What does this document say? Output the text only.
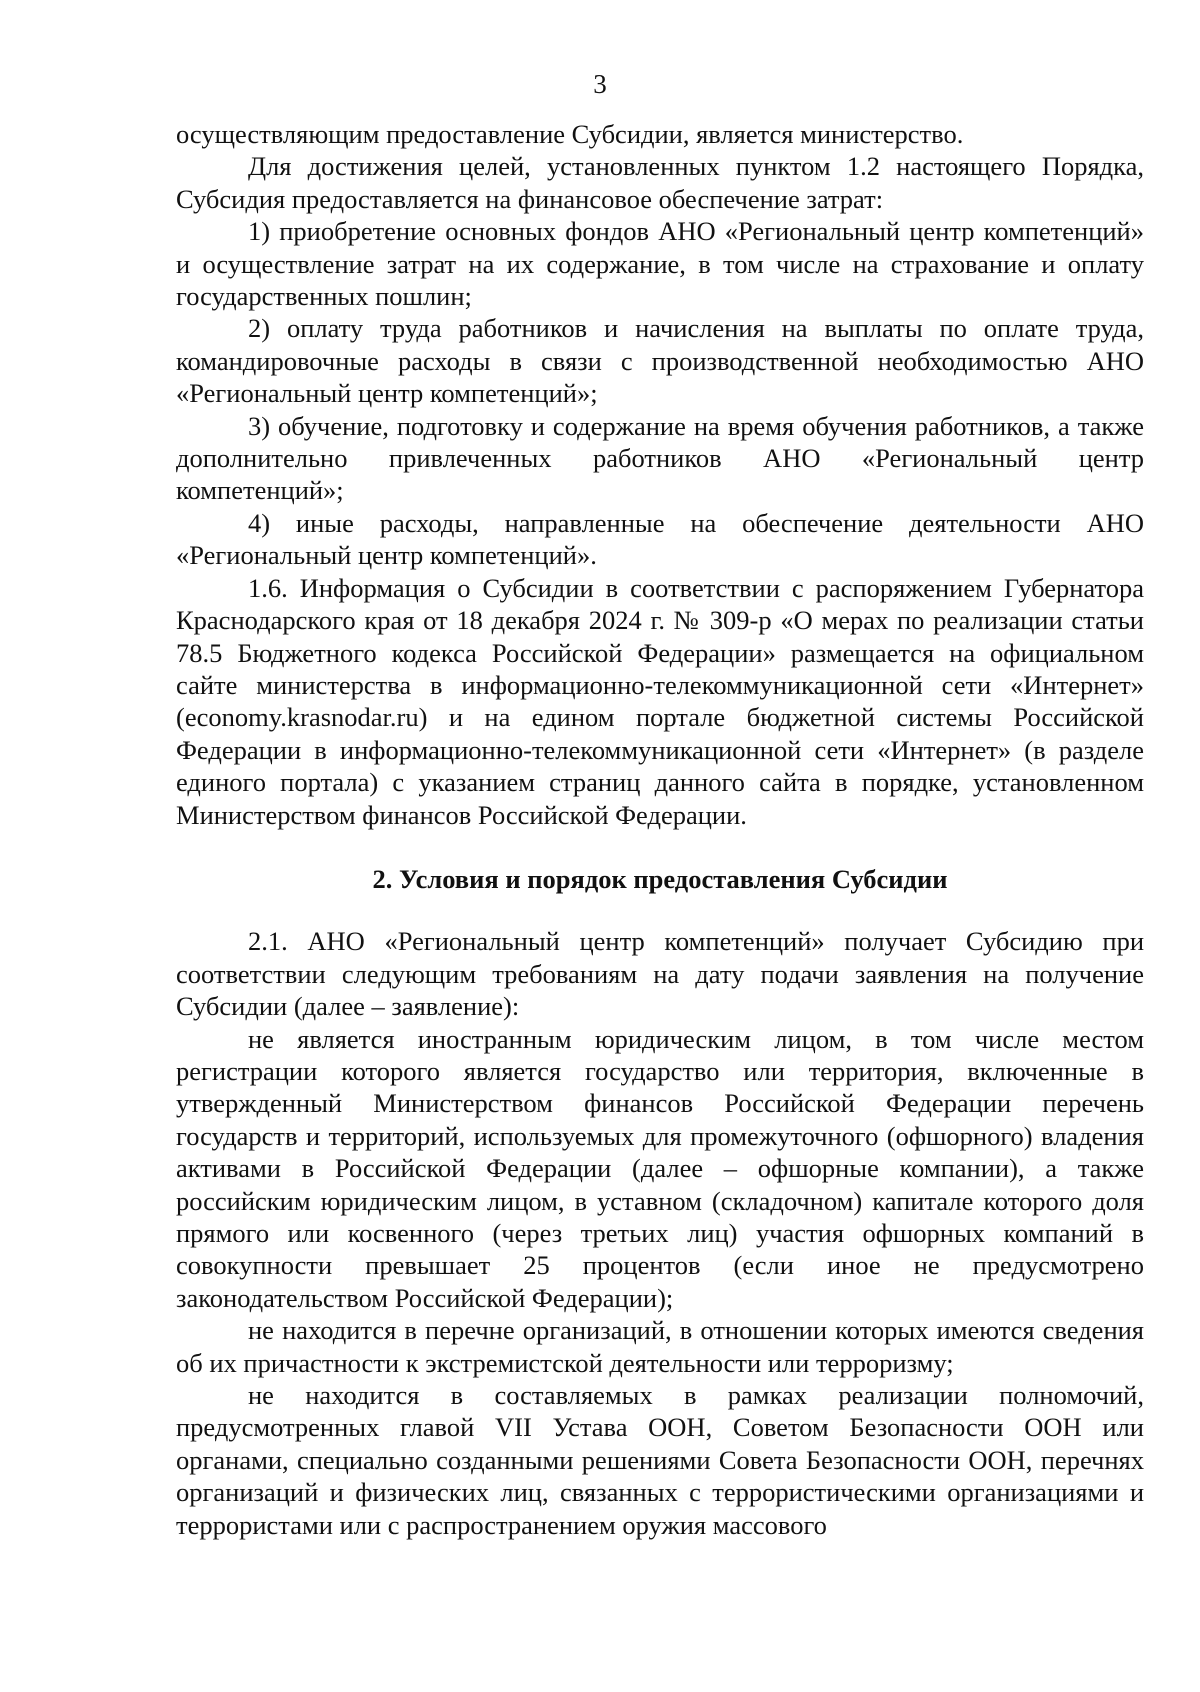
3

осуществляющим предоставление Субсидии, является министерство.

Для достижения целей, установленных пунктом 1.2 настоящего Порядка, Субсидия предоставляется на финансовое обеспечение затрат:

1) приобретение основных фондов АНО «Региональный центр компетенций» и осуществление затрат на их содержание, в том числе на страхование и оплату государственных пошлин;

2) оплату труда работников и начисления на выплаты по оплате труда, командировочные расходы в связи с производственной необходимостью АНО «Региональный центр компетенций»;

3) обучение, подготовку и содержание на время обучения работников, а также дополнительно привлеченных работников АНО «Региональный центр компетенций»;

4) иные расходы, направленные на обеспечение деятельности АНО «Региональный центр компетенций».

1.6. Информация о Субсидии в соответствии с распоряжением Губернатора Краснодарского края от 18 декабря 2024 г. № 309-р «О мерах по реализации статьи 78.5 Бюджетного кодекса Российской Федерации» размещается на официальном сайте министерства в информационно-телекоммуникационной сети «Интернет» (economy.krasnodar.ru) и на едином портале бюджетной системы Российской Федерации в информационно-телекоммуникационной сети «Интернет» (в разделе единого портала) с указанием страниц данного сайта в порядке, установленном Министерством финансов Российской Федерации.

2. Условия и порядок предоставления Субсидии

2.1. АНО «Региональный центр компетенций» получает Субсидию при соответствии следующим требованиям на дату подачи заявления на получение Субсидии (далее – заявление):

не является иностранным юридическим лицом, в том числе местом регистрации которого является государство или территория, включенные в утвержденный Министерством финансов Российской Федерации перечень государств и территорий, используемых для промежуточного (офшорного) владения активами в Российской Федерации (далее – офшорные компании), а также российским юридическим лицом, в уставном (складочном) капитале которого доля прямого или косвенного (через третьих лиц) участия офшорных компаний в совокупности превышает 25 процентов (если иное не предусмотрено законодательством Российской Федерации);

не находится в перечне организаций, в отношении которых имеются сведения об их причастности к экстремистской деятельности или терроризму;

не находится в составляемых в рамках реализации полномочий, предусмотренных главой VII Устава ООН, Советом Безопасности ООН или органами, специально созданными решениями Совета Безопасности ООН, перечнях организаций и физических лиц, связанных с террористическими организациями и террористами или с распространением оружия массового
